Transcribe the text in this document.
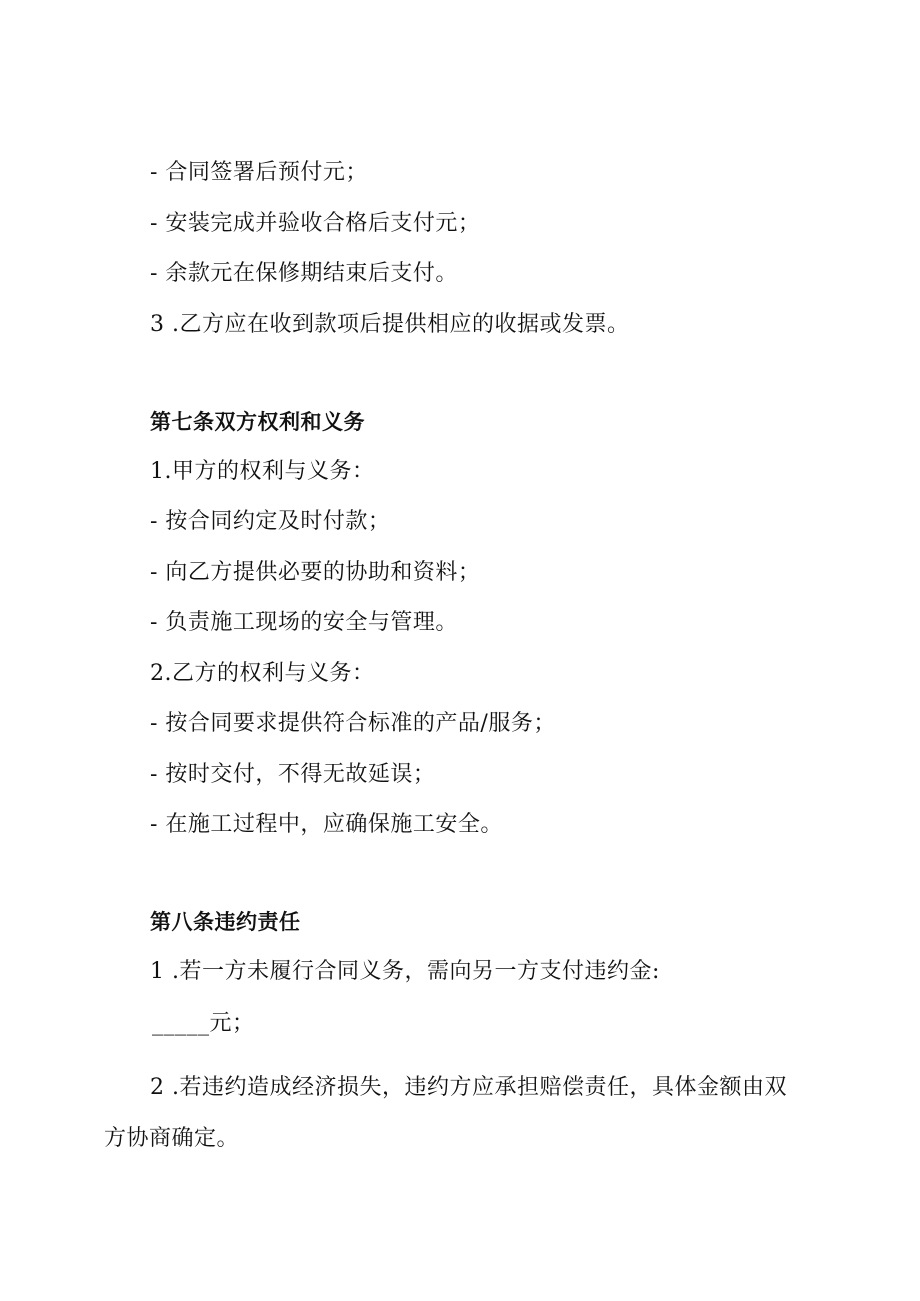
- 合同签署后预付元；
- 安装完成并验收合格后支付元；
- 余款元在保修期结束后支付。
3 .乙方应在收到款项后提供相应的收据或发票。
第七条双方权利和义务
1.甲方的权利与义务：
- 按合同约定及时付款；
- 向乙方提供必要的协助和资料；
- 负责施工现场的安全与管理。
2.乙方的权利与义务：
- 按合同要求提供符合标准的产品/服务；
- 按时交付，不得无故延误；
- 在施工过程中，应确保施工安全。
第八条违约责任
1 .若一方未履行合同义务，需向另一方支付违约金:
_____元；
2 .若违约造成经济损失，违约方应承担赔偿责任，具体金额由双
方协商确定。
